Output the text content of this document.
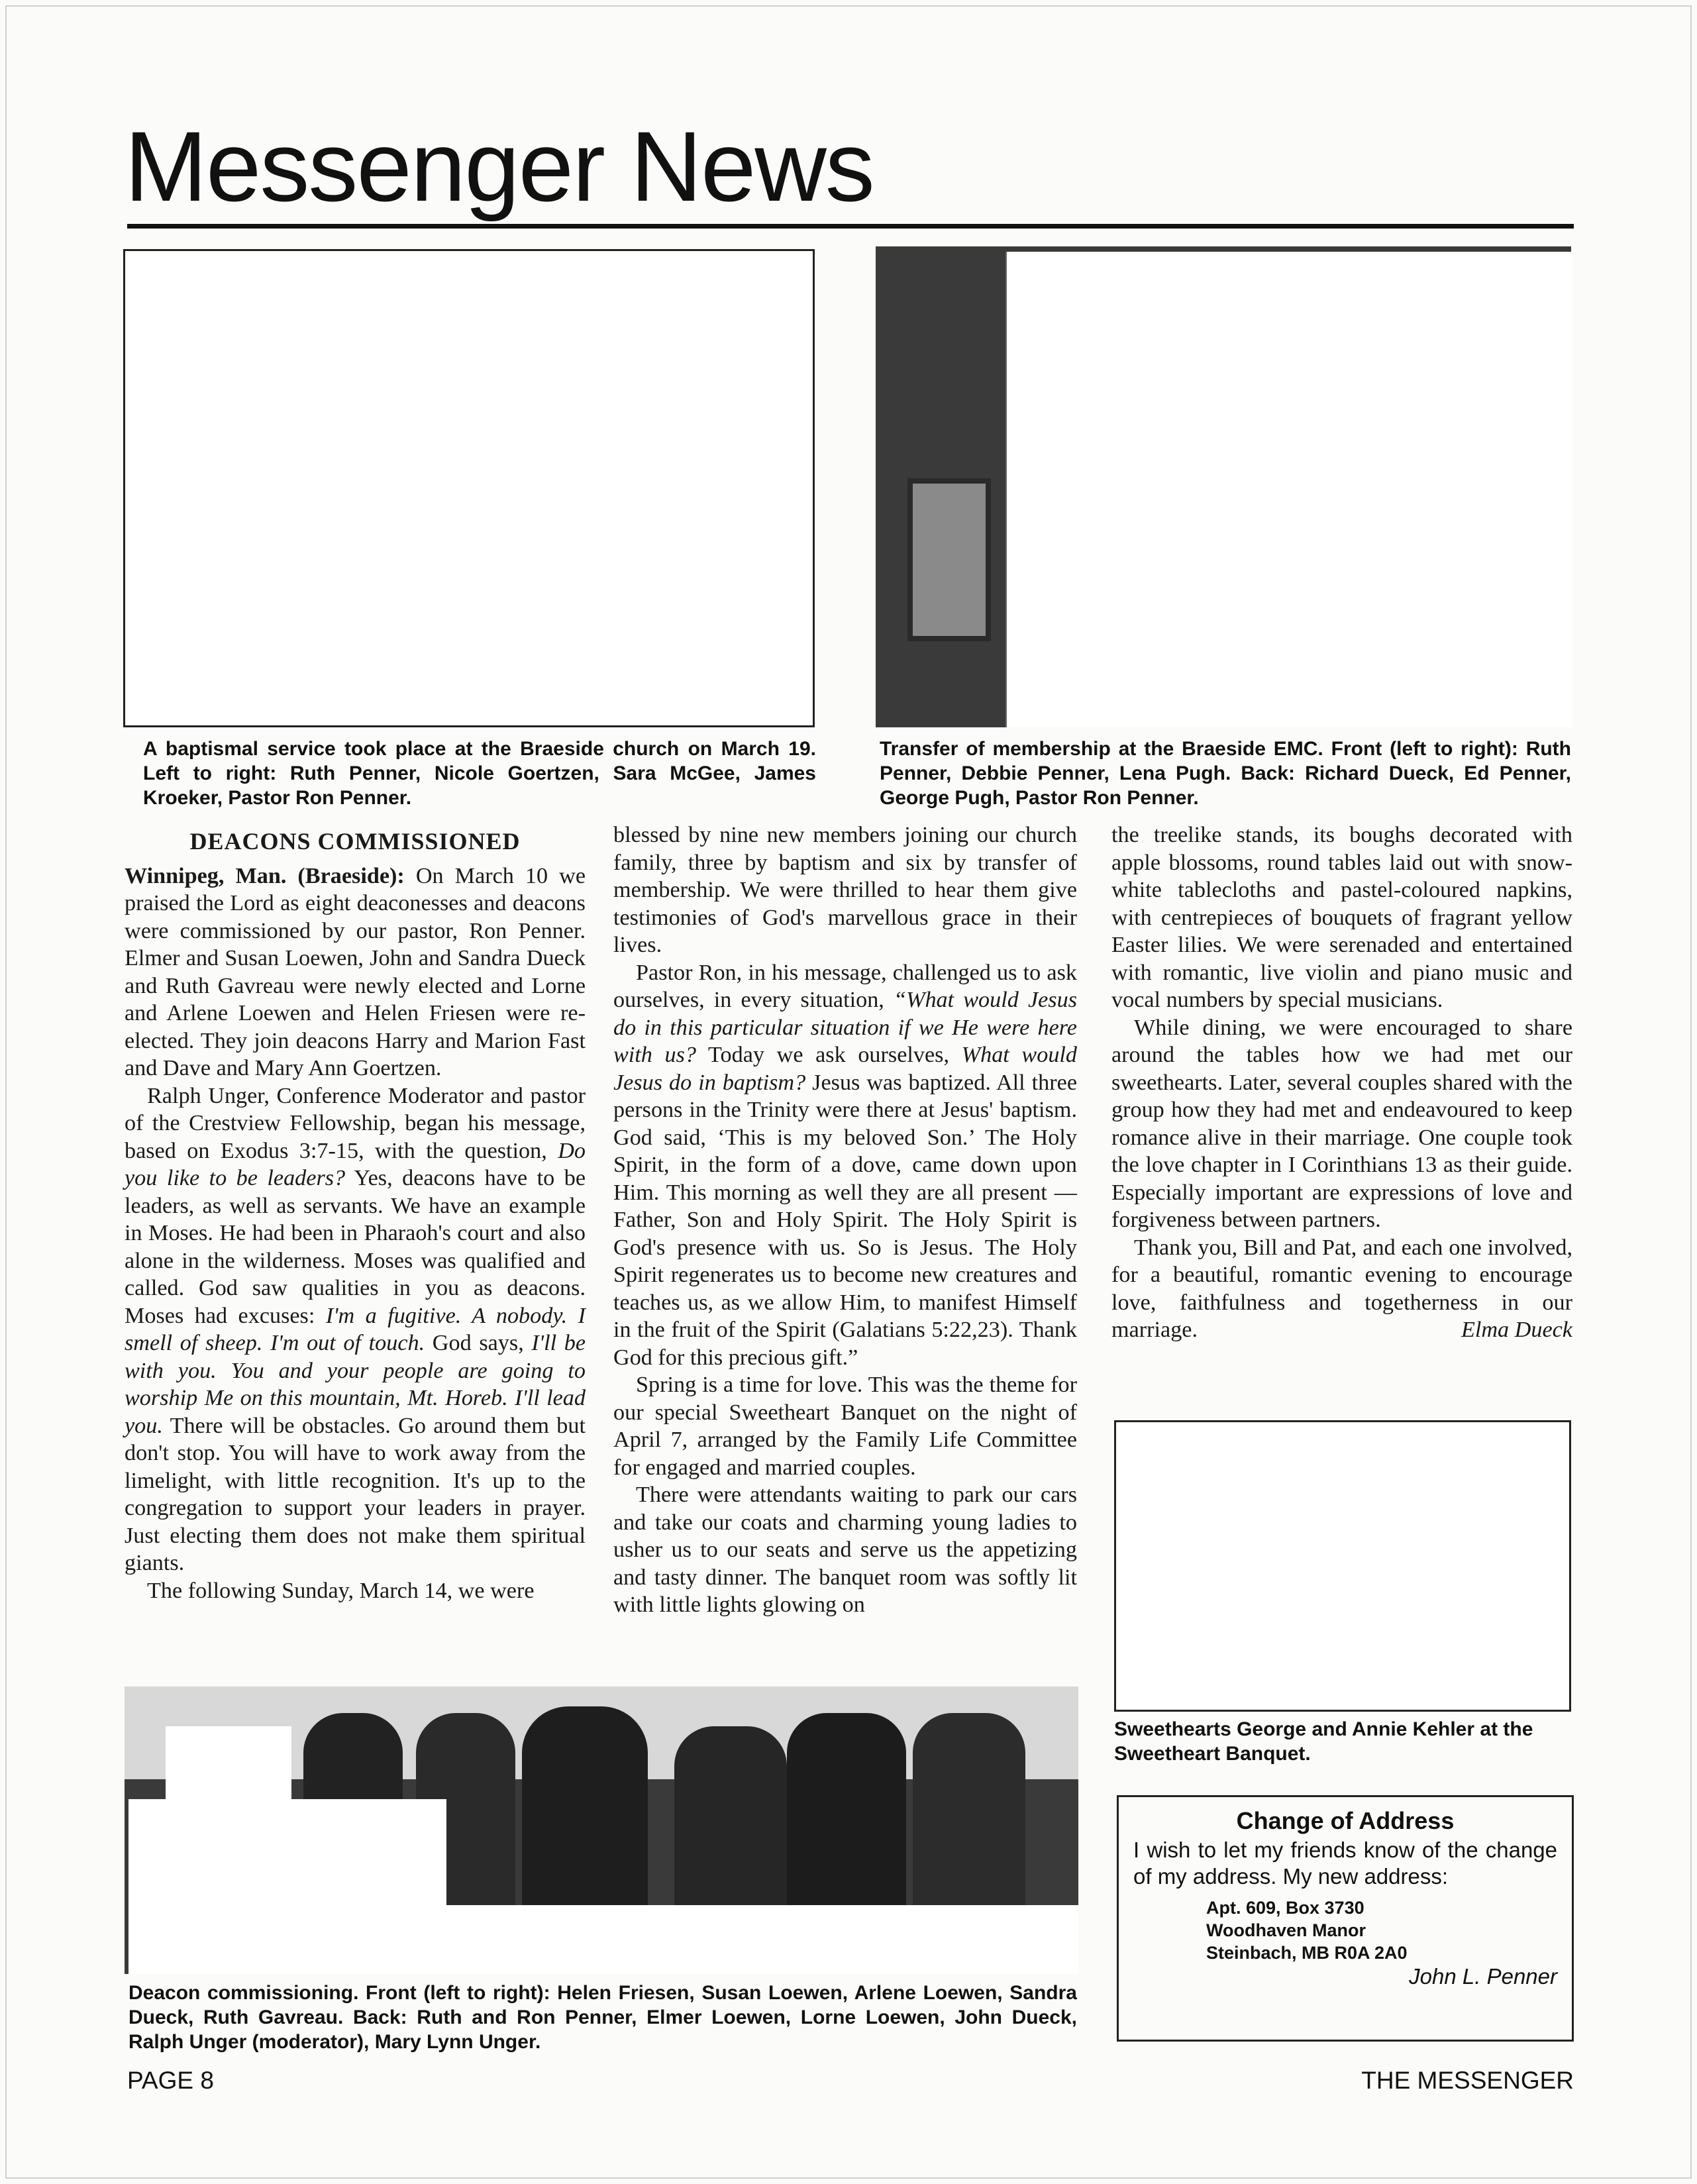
Messenger News

A baptismal service took place at the Braeside church on March 19. Left to right: Ruth Penner, Nicole Goertzen, Sara McGee, James Kroeker, Pastor Ron Penner.

Transfer of membership at the Braeside EMC. Front (left to right): Ruth Penner, Debbie Penner, Lena Pugh. Back: Richard Dueck, Ed Penner, George Pugh, Pastor Ron Penner.

DEACONS COMMISSIONED

Winnipeg, Man. (Braeside): On March 10 we praised the Lord as eight deaconesses and deacons were commissioned by our pastor, Ron Penner. Elmer and Susan Loewen, John and Sandra Dueck and Ruth Gavreau were newly elected and Lorne and Arlene Loewen and Helen Friesen were re-elected. They join deacons Harry and Marion Fast and Dave and Mary Ann Goertzen.

Ralph Unger, Conference Moderator and pastor of the Crestview Fellowship, began his message, based on Exodus 3:7-15, with the question, Do you like to be leaders? Yes, deacons have to be leaders, as well as servants. We have an example in Moses. He had been in Pharaoh's court and also alone in the wilderness. Moses was qualified and called. God saw qualities in you as deacons. Moses had excuses: I'm a fugitive. A nobody. I smell of sheep. I'm out of touch. God says, I'll be with you. You and your people are going to worship Me on this mountain, Mt. Horeb. I'll lead you. There will be obstacles. Go around them but don't stop. You will have to work away from the limelight, with little recognition. It's up to the congregation to support your leaders in prayer. Just electing them does not make them spiritual giants.

The following Sunday, March 14, we were

blessed by nine new members joining our church family, three by baptism and six by transfer of membership. We were thrilled to hear them give testimonies of God's marvellous grace in their lives.

Pastor Ron, in his message, challenged us to ask ourselves, in every situation, “What would Jesus do in this particular situation if we He were here with us? Today we ask ourselves, What would Jesus do in baptism? Jesus was baptized. All three persons in the Trinity were there at Jesus' baptism. God said, ‘This is my beloved Son.’ The Holy Spirit, in the form of a dove, came down upon Him. This morning as well they are all present — Father, Son and Holy Spirit. The Holy Spirit is God's presence with us. So is Jesus. The Holy Spirit regenerates us to become new creatures and teaches us, as we allow Him, to manifest Himself in the fruit of the Spirit (Galatians 5:22,23). Thank God for this precious gift.”

Spring is a time for love. This was the theme for our special Sweetheart Banquet on the night of April 7, arranged by the Family Life Committee for engaged and married couples.

There were attendants waiting to park our cars and take our coats and charming young ladies to usher us to our seats and serve us the appetizing and tasty dinner. The banquet room was softly lit with little lights glowing on

the treelike stands, its boughs decorated with apple blossoms, round tables laid out with snow-white tablecloths and pastel-coloured napkins, with centrepieces of bouquets of fragrant yellow Easter lilies. We were serenaded and entertained with romantic, live violin and piano music and vocal numbers by special musicians.

While dining, we were encouraged to share around the tables how we had met our sweethearts. Later, several couples shared with the group how they had met and endeavoured to keep romance alive in their marriage. One couple took the love chapter in I Corinthians 13 as their guide. Especially important are expressions of love and forgiveness between partners.

Thank you, Bill and Pat, and each one involved, for a beautiful, romantic evening to encourage love, faithfulness and togetherness in our marriage.	Elma Dueck

Sweethearts George and Annie Kehler at the Sweetheart Banquet.

Deacon commissioning. Front (left to right): Helen Friesen, Susan Loewen, Arlene Loewen, Sandra Dueck, Ruth Gavreau. Back: Ruth and Ron Penner, Elmer Loewen, Lorne Loewen, John Dueck, Ralph Unger (moderator), Mary Lynn Unger.

Change of Address
I wish to let my friends know of the change of my address. My new address:
Apt. 609, Box 3730
Woodhaven Manor
Steinbach, MB R0A 2A0
John L. Penner
PAGE 8	THE MESSENGER
